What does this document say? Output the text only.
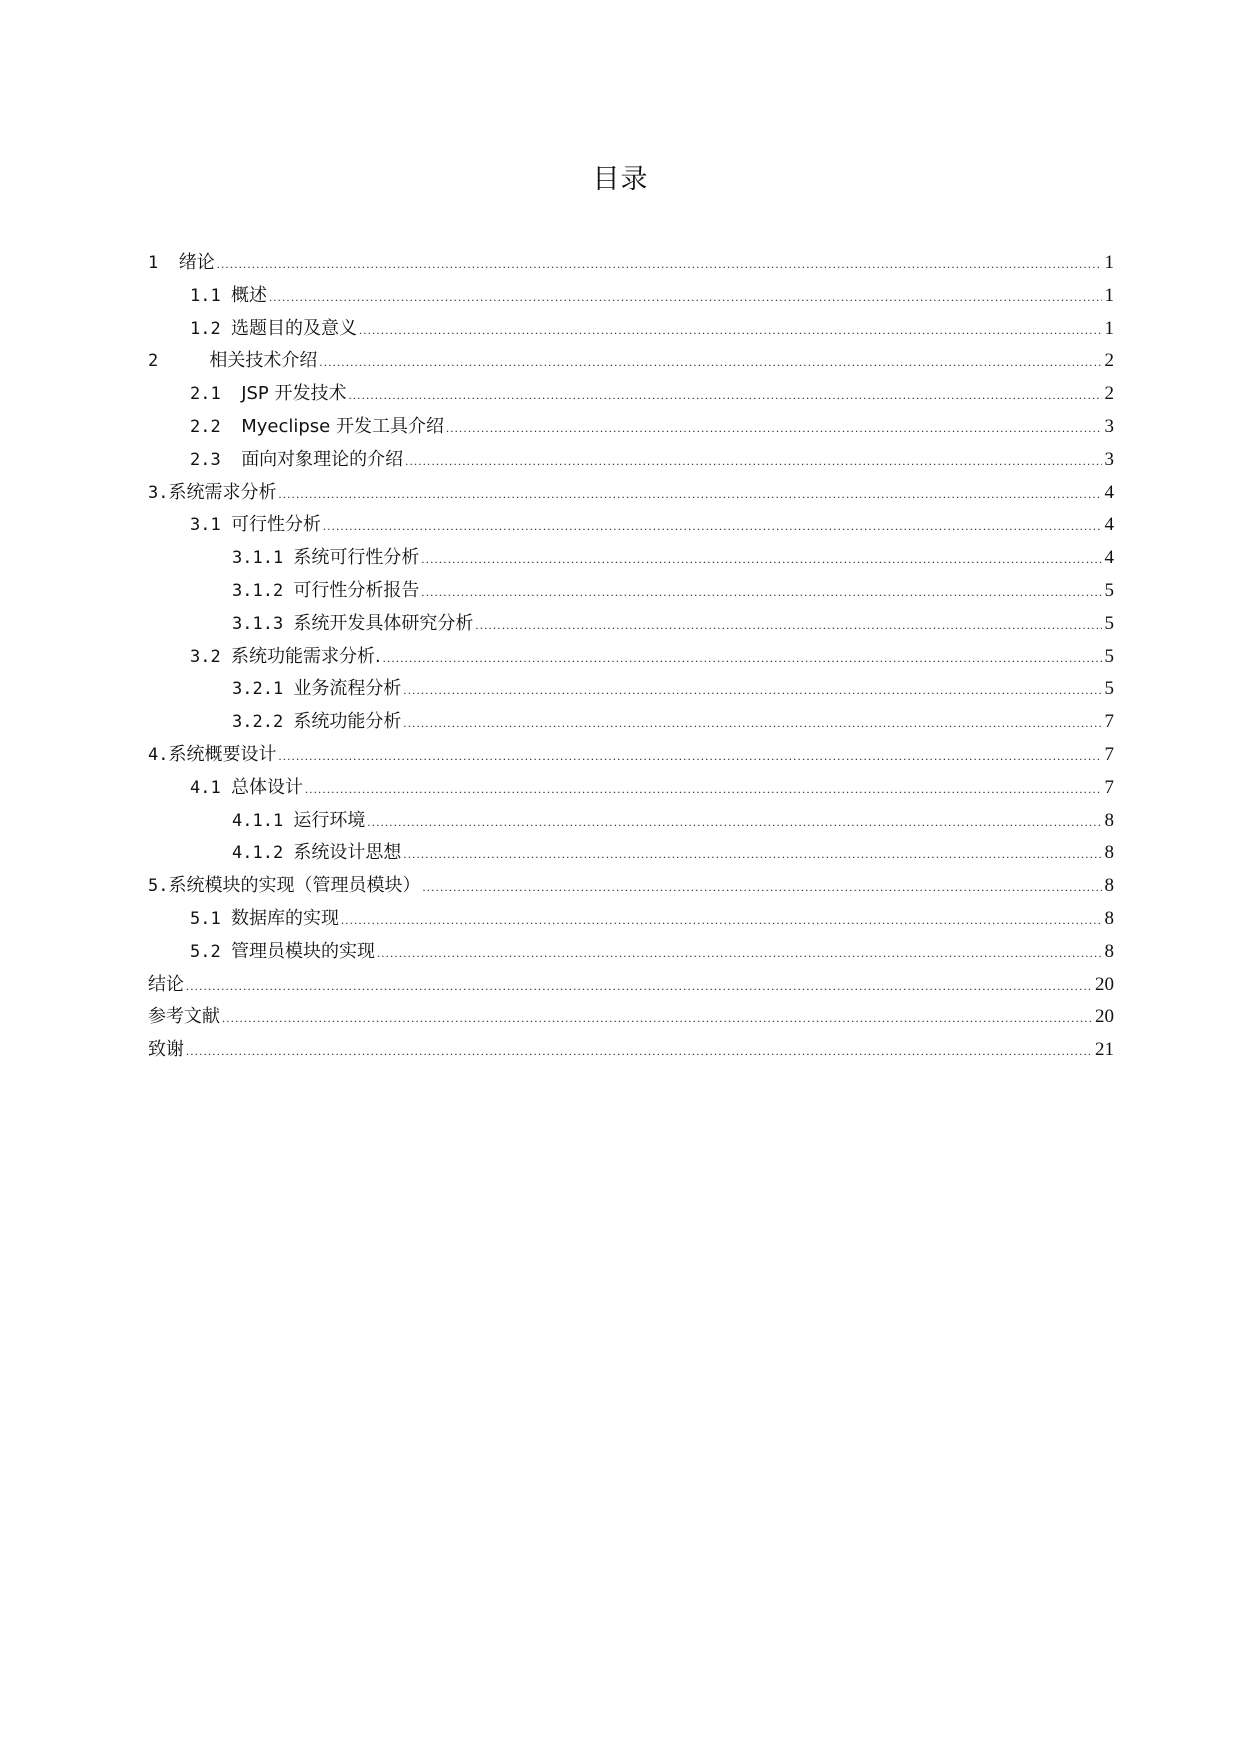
目录
1 绪论 .....	1
1.1 概述 .....	1
1.2 选题目的及意义 .....	1
2 相关技术介绍 .....	2
2.1 JSP 开发技术 .....	2
2.2 Myeclipse 开发工具介绍 .....	3
2.3 面向对象理论的介绍 .....	3
3. 系统需求分析 .....	4
3.1 可行性分析 .....	4
3.1.1 系统可行性分析 .....	4
3.1.2 可行性分析报告 .....	5
3.1.3 系统开发具体研究分析 .....	5
3.2 系统功能需求分析. .....	5
3.2.1 业务流程分析 .....	5
3.2.2 系统功能分析 .....	7
4. 系统概要设计 .....	7
4.1 总体设计 .....	7
4.1.1 运行环境 .....	8
4.1.2 系统设计思想 .....	8
5. 系统模块的实现（管理员模块） .....	8
5.1 数据库的实现 .....	8
5.2 管理员模块的实现 .....	8
结论 .....	20
参考文献 .....	20
致谢 .....	21
